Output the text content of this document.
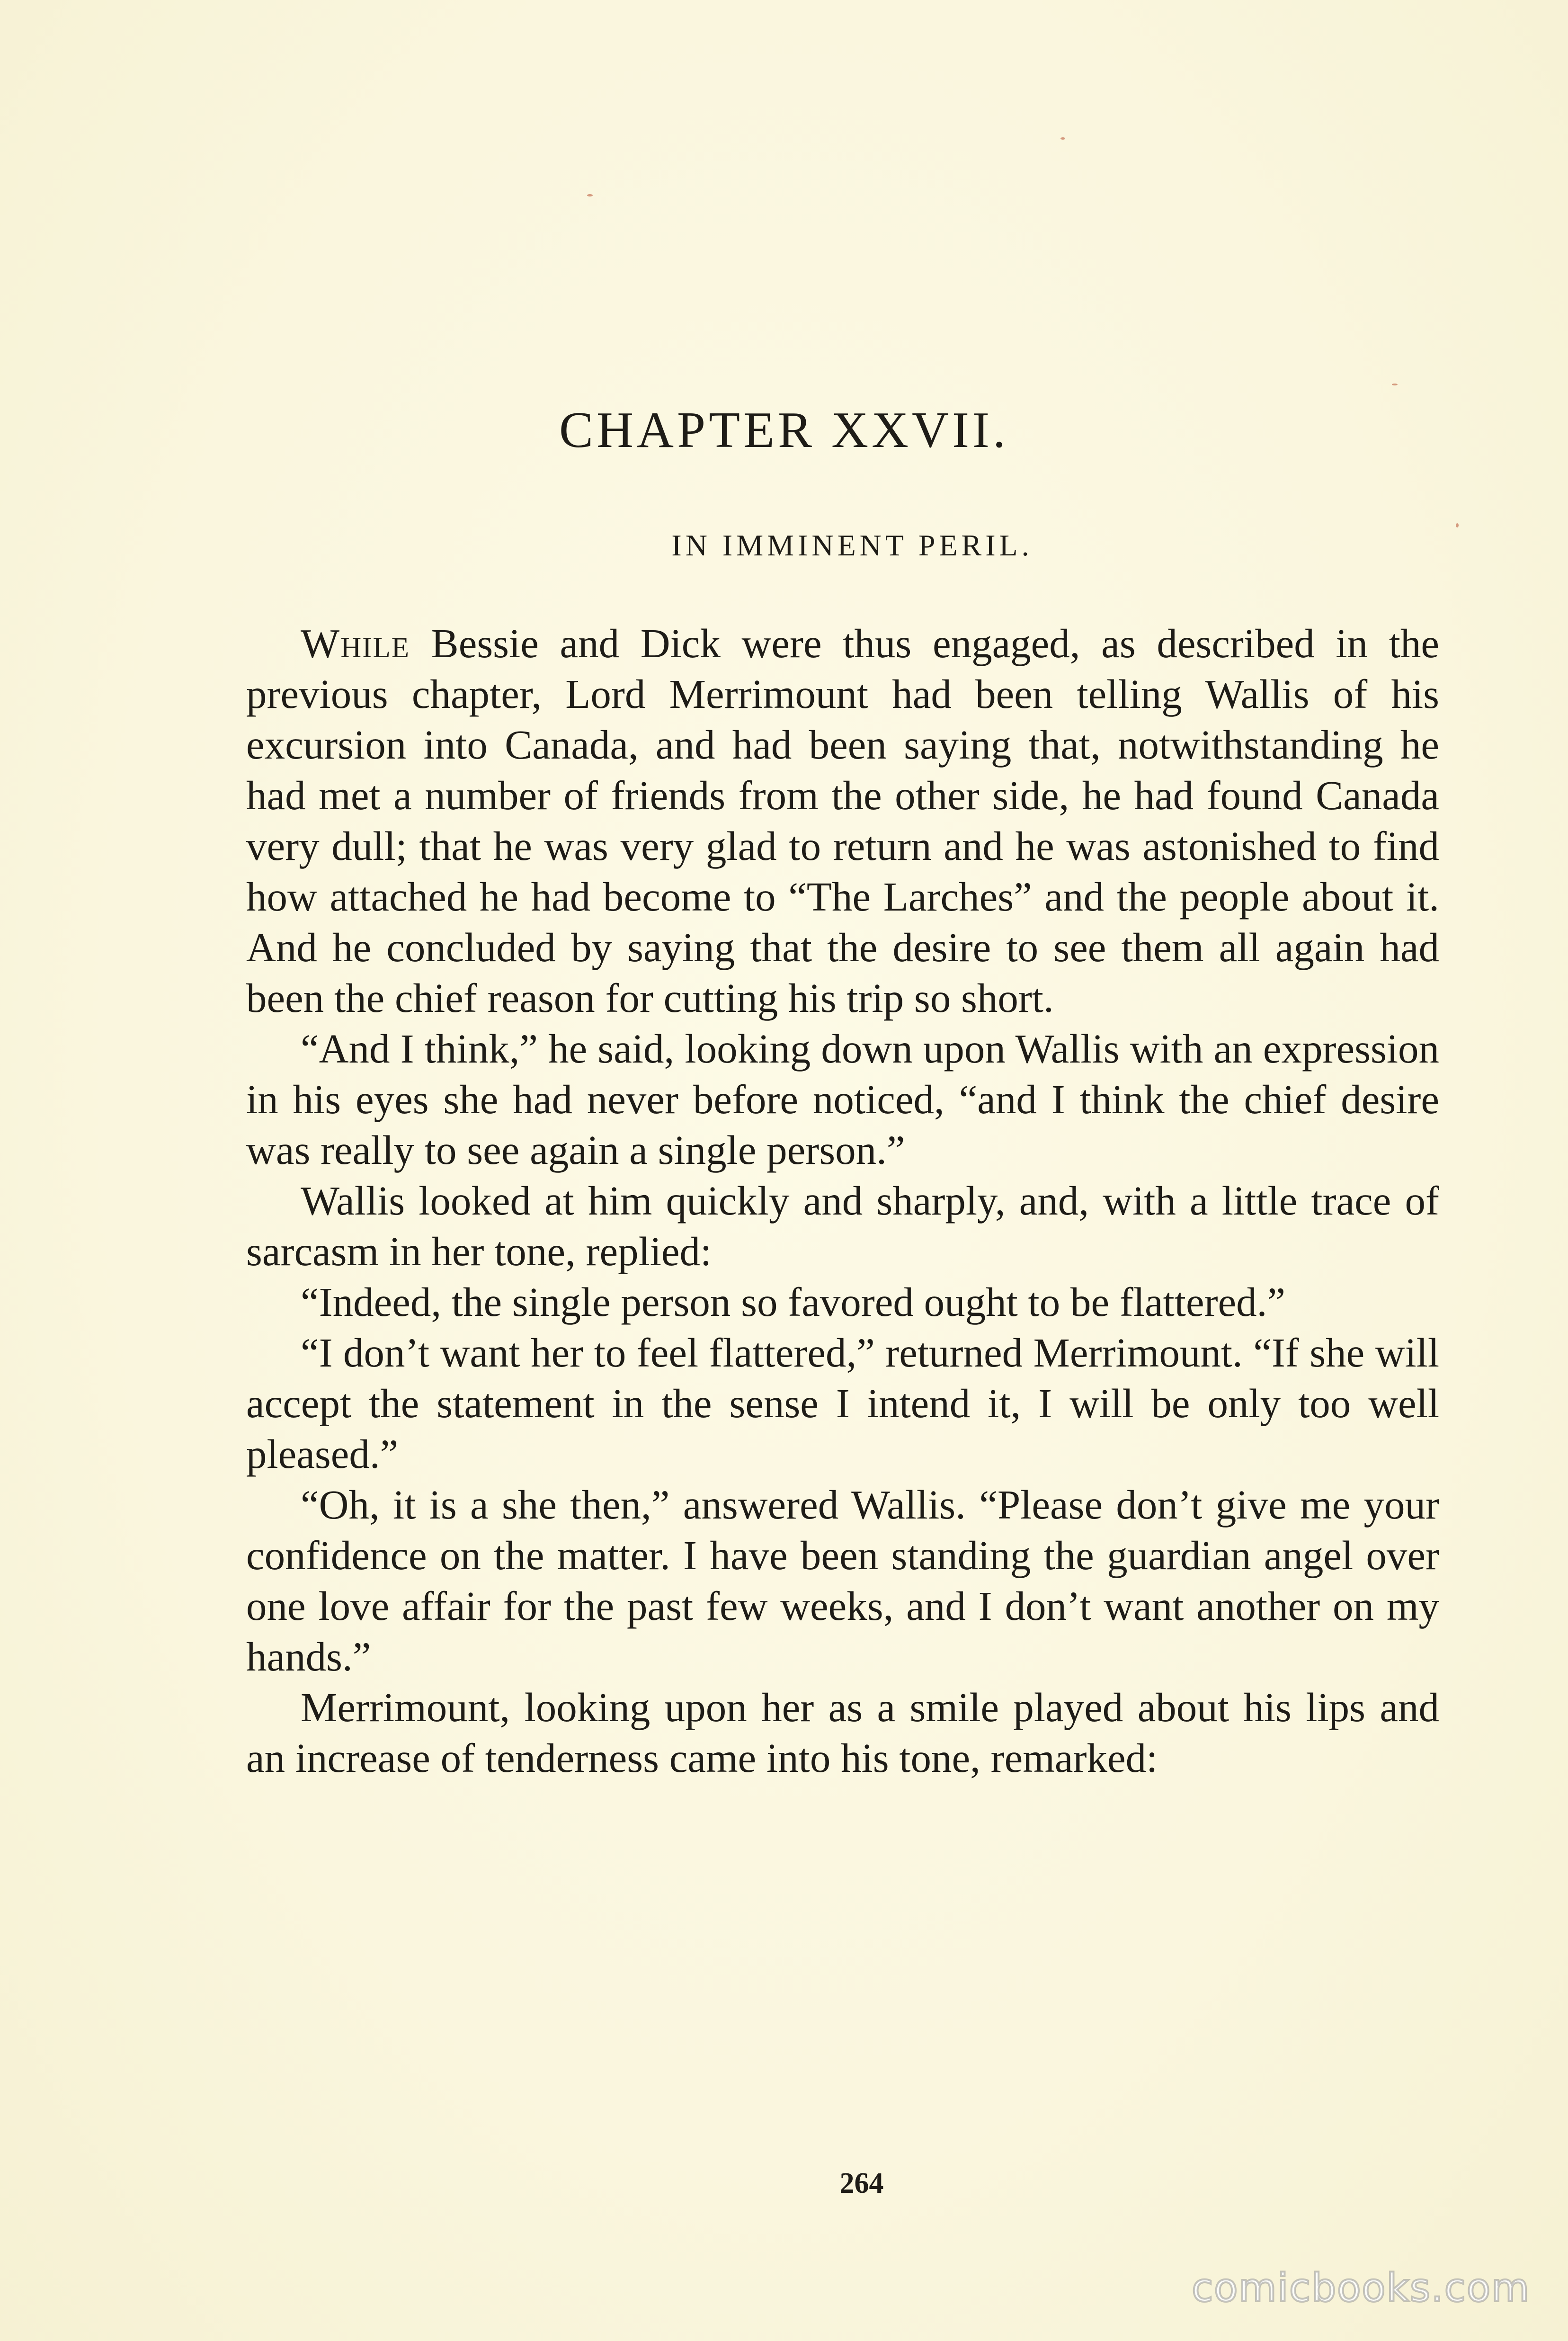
CHAPTER XXVII.
IN IMMINENT PERIL.

While Bessie and Dick were thus engaged, as described in the previous chapter, Lord Merrimount had been telling Wallis of his excursion into Canada, and had been saying that, notwithstanding he had met a number of friends from the other side, he had found Canada very dull; that he was very glad to return and he was astonished to find how attached he had become to “The Larches” and the people about it. And he concluded by saying that the desire to see them all again had been the chief reason for cutting his trip so short.

“And I think,” he said, looking down upon Wallis with an expression in his eyes she had never before noticed, “and I think the chief desire was really to see again a single person.”

Wallis looked at him quickly and sharply, and, with a little trace of sarcasm in her tone, replied:

“Indeed, the single person so favored ought to be flattered.”

“I don’t want her to feel flattered,” returned Merrimount. “If she will accept the statement in the sense I intend it, I will be only too well pleased.”

“Oh, it is a she then,” answered Wallis. “Please don’t give me your confidence on the matter. I have been standing the guardian angel over one love affair for the past few weeks, and I don’t want another on my hands.”

Merrimount, looking upon her as a smile played about his lips and an increase of tenderness came into his tone, remarked:

264
comicbooks.com
